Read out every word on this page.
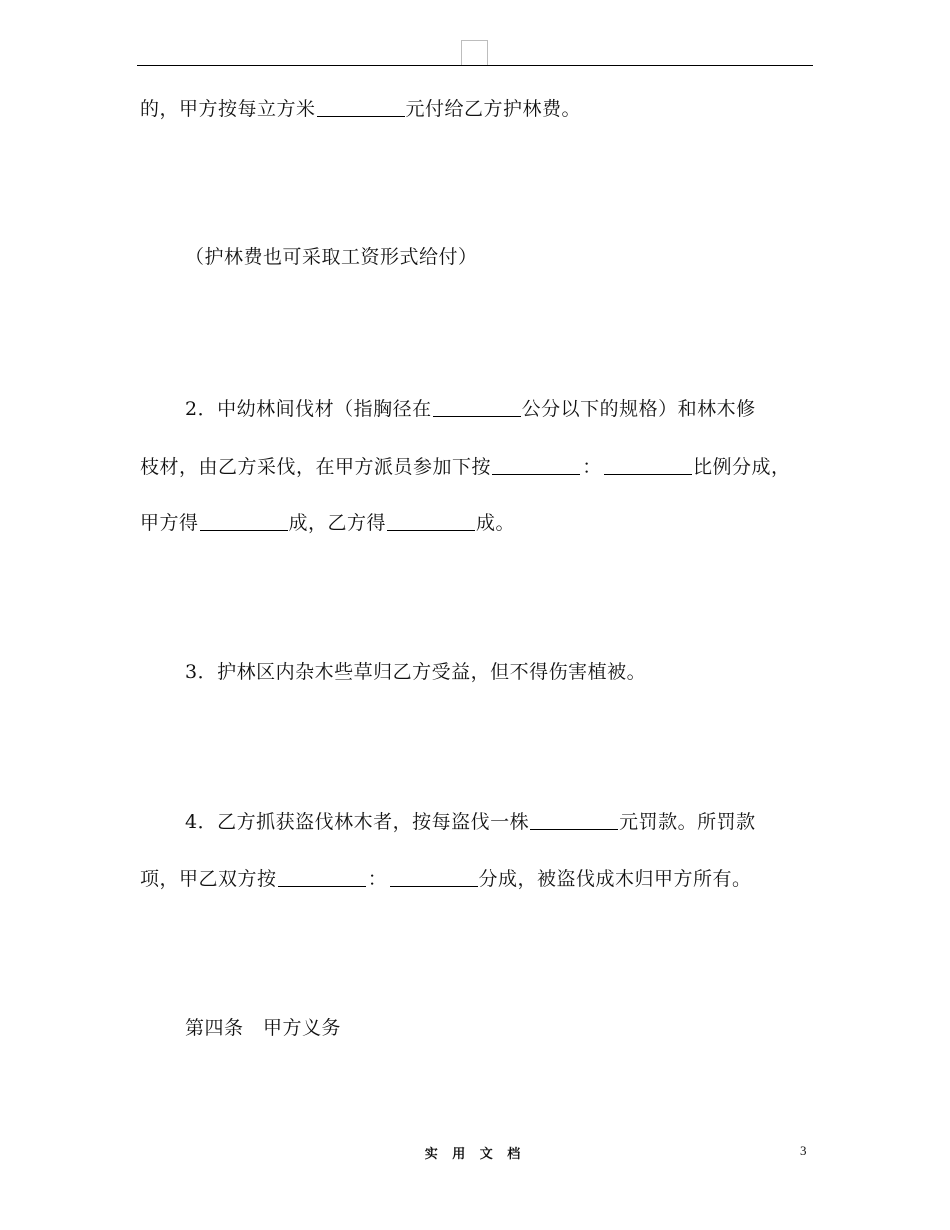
的，甲方按每立方米	元付给乙方护林费。
（护林费也可采取工资形式给付）
2．中幼林间伐材（指胸径在	公分以下的规格）和林木修
枝材，由乙方采伐，在甲方派员参加下按	：	比例分成，
甲方得	成，乙方得	成。
3．护林区内杂木些草归乙方受益，但不得伤害植被。
4．乙方抓获盗伐林木者，按每盗伐一株	元罚款。所罚款
项，甲乙双方按	：	分成，被盗伐成木归甲方所有。
第四条　甲方义务
实 用 文 档	3
